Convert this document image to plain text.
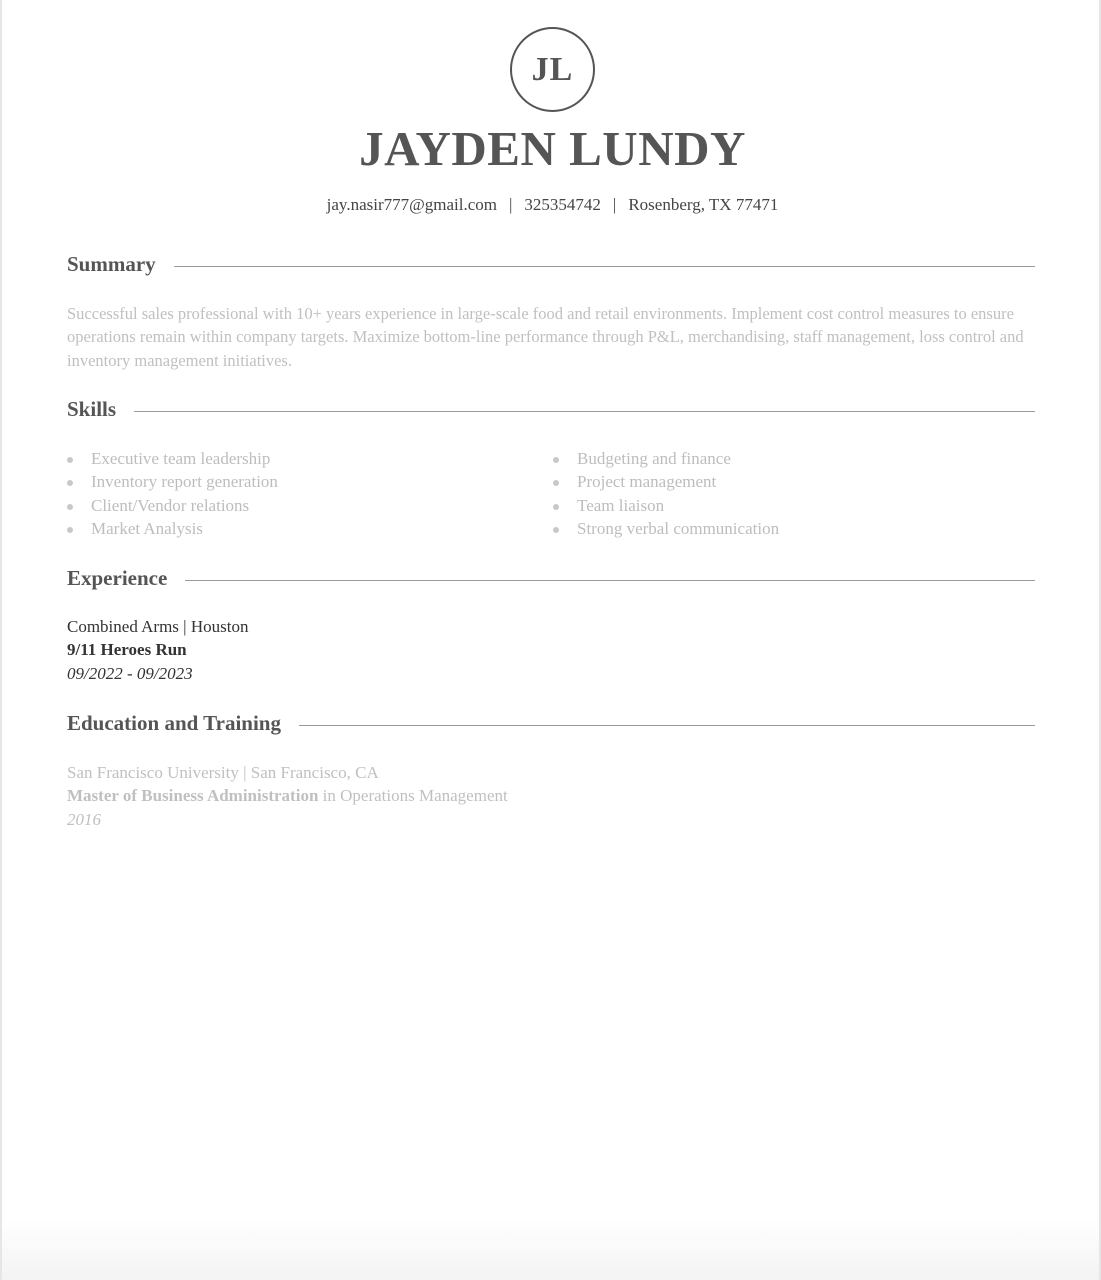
JL
JAYDEN LUNDY
jay.nasir777@gmail.com | 325354742 | Rosenberg, TX 77471
Summary

Successful sales professional with 10+ years experience in large-scale food and retail environments. Implement cost control measures to ensure operations remain within company targets. Maximize bottom-line performance through P&L, merchandising, staff management, loss control and inventory management initiatives.

Skills
Executive team leadership
Inventory report generation
Client/Vendor relations
Market Analysis
Budgeting and finance
Project management
Team liaison
Strong verbal communication
Experience
Combined Arms | Houston
9/11 Heroes Run
09/2022 - 09/2023
Education and Training
San Francisco University | San Francisco, CA
Master of Business Administration in Operations Management
2016
